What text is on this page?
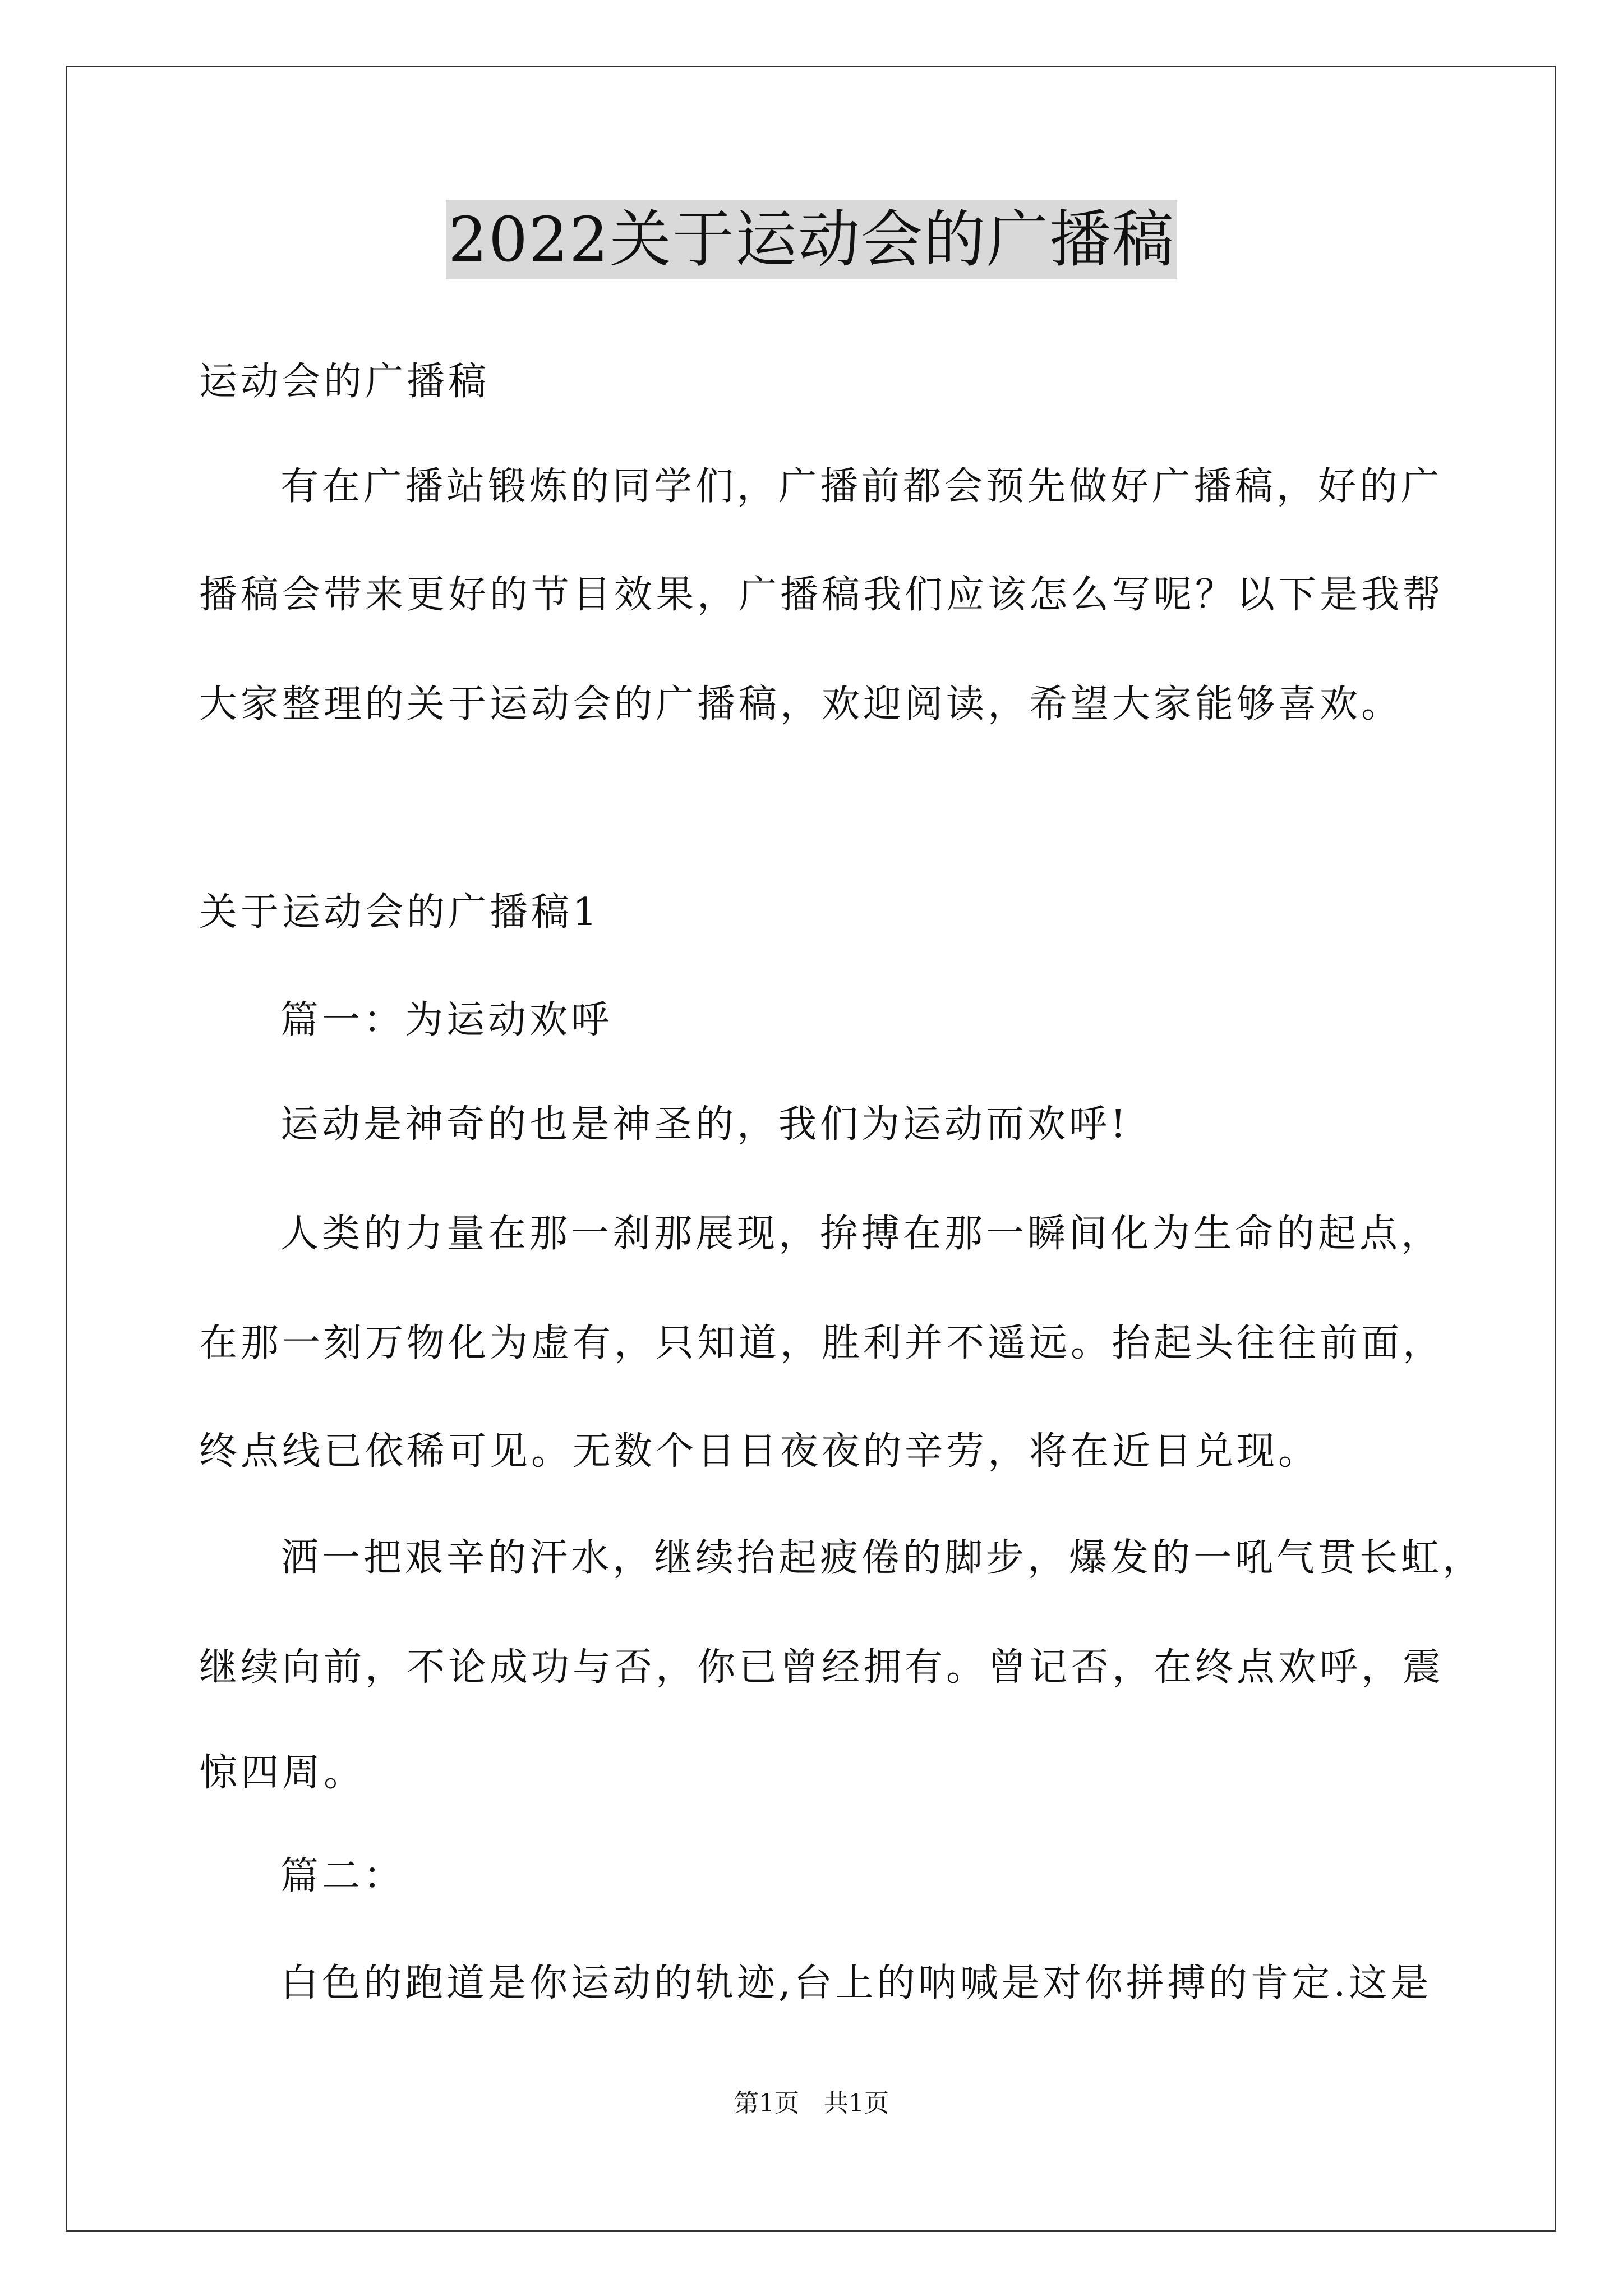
2022关于运动会的广播稿
运动会的广播稿
有在广播站锻炼的同学们，广播前都会预先做好广播稿，好的广
播稿会带来更好的节目效果，广播稿我们应该怎么写呢？以下是我帮
大家整理的关于运动会的广播稿，欢迎阅读，希望大家能够喜欢。
关于运动会的广播稿1
篇一：为运动欢呼
运动是神奇的也是神圣的，我们为运动而欢呼!
人类的力量在那一刹那展现，拚搏在那一瞬间化为生命的起点，
在那一刻万物化为虚有，只知道，胜利并不遥远。抬起头往往前面，
终点线已依稀可见。无数个日日夜夜的辛劳，将在近日兑现。
洒一把艰辛的汗水，继续抬起疲倦的脚步，爆发的一吼气贯长虹，
继续向前，不论成功与否，你已曾经拥有。曾记否，在终点欢呼，震
惊四周。
篇二：
白色的跑道是你运动的轨迹,台上的呐喊是对你拼搏的肯定.这是
第1页　共1页
